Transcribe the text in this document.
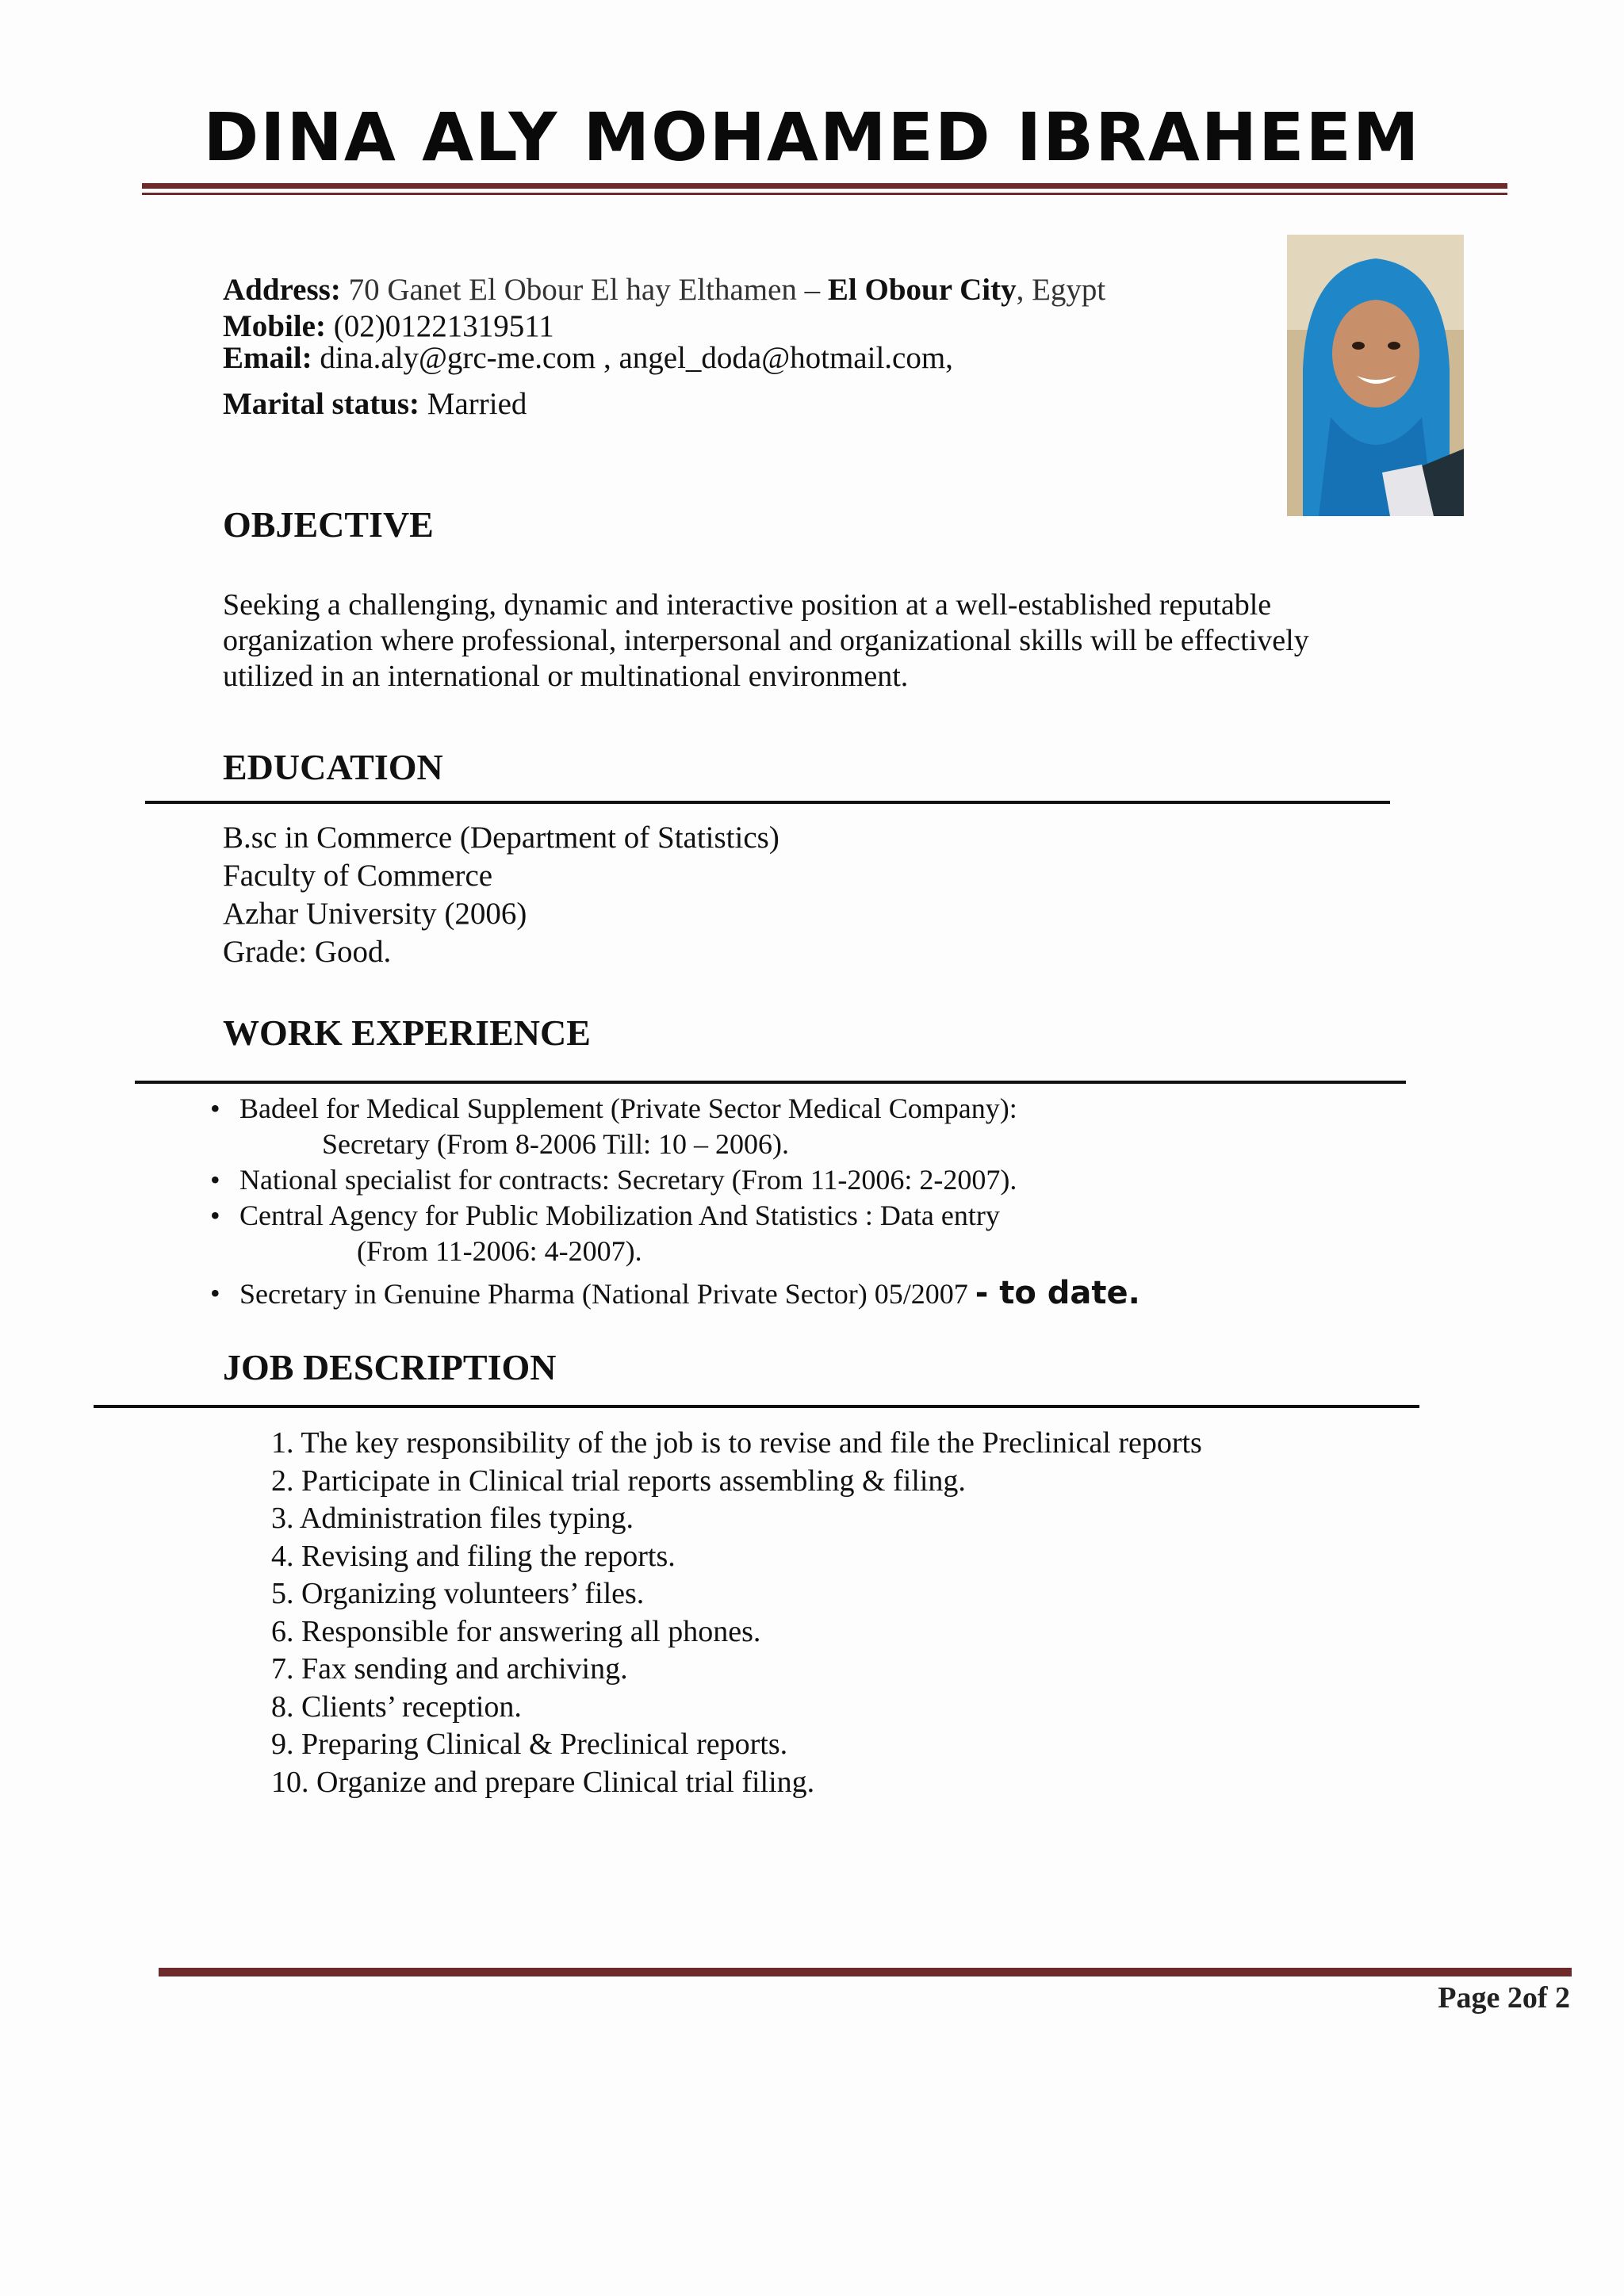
DINA ALY MOHAMED IBRAHEEM
Address: 70 Ganet El Obour El hay Elthamen – El Obour City, Egypt
Mobile: (02)01221319511
Email: dina.aly@grc-me.com , angel_doda@hotmail.com,
Marital status: Married
OBJECTIVE
Seeking a challenging, dynamic and interactive position at a well-established reputable
organization where professional, interpersonal and organizational skills will be effectively
utilized in an international or multinational environment.
EDUCATION
B.sc in Commerce (Department of Statistics)
Faculty of Commerce
Azhar University (2006)
Grade: Good.
WORK EXPERIENCE
• Badeel for Medical Supplement (Private Sector Medical Company):
Secretary (From 8-2006 Till: 10 – 2006).
• National specialist for contracts: Secretary (From 11-2006: 2-2007).
• Central Agency for Public Mobilization And Statistics : Data entry
(From 11-2006: 4-2007).
• Secretary in Genuine Pharma (National Private Sector) 05/2007 - to date.
JOB DESCRIPTION
1. The key responsibility of the job is to revise and file the Preclinical reports
2. Participate in Clinical trial reports assembling & filing.
3. Administration files typing.
4. Revising and filing the reports.
5. Organizing volunteers’ files.
6. Responsible for answering all phones.
7. Fax sending and archiving.
8. Clients’ reception.
9. Preparing Clinical & Preclinical reports.
10. Organize and prepare Clinical trial filing.
Page 2of 2
